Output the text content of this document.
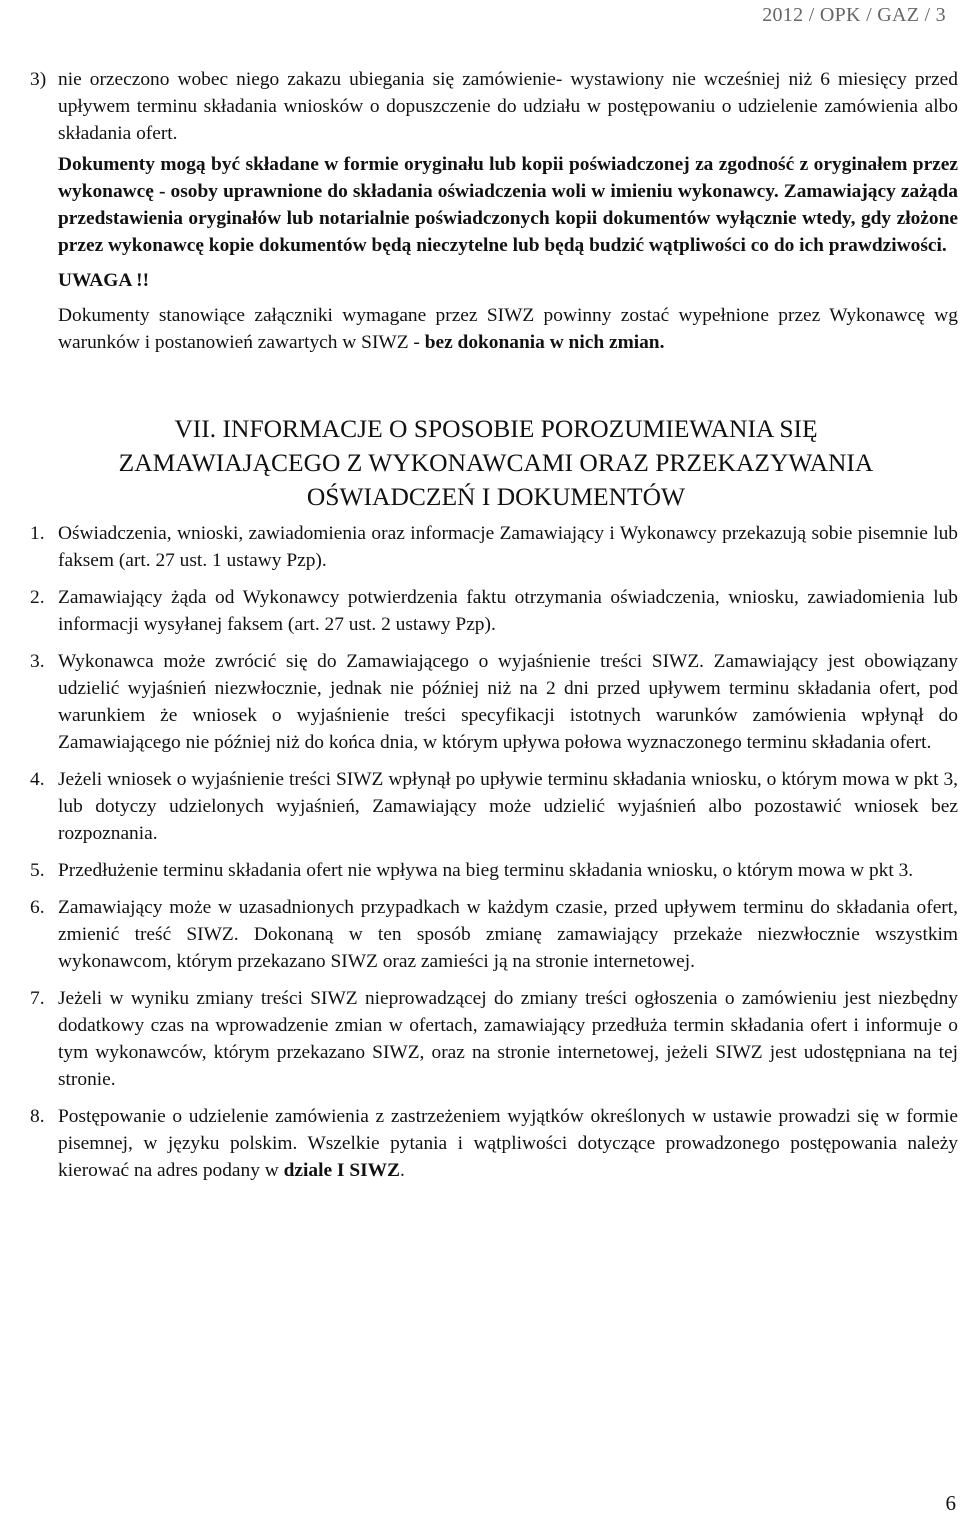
2012 / OPK / GAZ / 3
3) nie orzeczono wobec niego zakazu ubiegania się zamówienie- wystawiony nie wcześniej niż 6 miesięcy przed upływem terminu składania wniosków o dopuszczenie do udziału w postępowaniu o udzielenie zamówienia albo składania ofert.
Dokumenty mogą być składane w formie oryginału lub kopii poświadczonej za zgodność z oryginałem przez wykonawcę - osoby uprawnione do składania oświadczenia woli w imieniu wykonawcy. Zamawiający zażąda przedstawienia oryginałów lub notarialnie poświadczonych kopii dokumentów wyłącznie wtedy, gdy złożone przez wykonawcę kopie dokumentów będą nieczytelne lub będą budzić wątpliwości co do ich prawdziwości.
UWAGA !!
Dokumenty stanowiące załączniki wymagane przez SIWZ powinny zostać wypełnione przez Wykonawcę wg warunków i postanowień zawartych w SIWZ - bez dokonania w nich zmian.
VII. INFORMACJE O SPOSOBIE POROZUMIEWANIA SIĘ
ZAMAWIAJĄCEGO Z WYKONAWCAMI ORAZ PRZEKAZYWANIA
OŚWIADCZEŃ I DOKUMENTÓW
1. Oświadczenia, wnioski, zawiadomienia oraz informacje Zamawiający i Wykonawcy przekazują sobie pisemnie lub faksem (art. 27 ust. 1 ustawy Pzp).
2. Zamawiający żąda od Wykonawcy potwierdzenia faktu otrzymania oświadczenia, wniosku, zawiadomienia lub informacji wysyłanej faksem (art. 27 ust. 2 ustawy Pzp).
3. Wykonawca może zwrócić się do Zamawiającego o wyjaśnienie treści SIWZ. Zamawiający jest obowiązany udzielić wyjaśnień niezwłocznie, jednak nie później niż na 2 dni przed upływem terminu składania ofert, pod warunkiem że wniosek o wyjaśnienie treści specyfikacji istotnych warunków zamówienia wpłynął do Zamawiającego nie później niż do końca dnia, w którym upływa połowa wyznaczonego terminu składania ofert.
4. Jeżeli wniosek o wyjaśnienie treści SIWZ wpłynął po upływie terminu składania wniosku, o którym mowa w pkt 3, lub dotyczy udzielonych wyjaśnień, Zamawiający może udzielić wyjaśnień albo pozostawić wniosek bez rozpoznania.
5. Przedłużenie terminu składania ofert nie wpływa na bieg terminu składania wniosku, o którym mowa w pkt 3.
6. Zamawiający może w uzasadnionych przypadkach w każdym czasie, przed upływem terminu do składania ofert, zmienić treść SIWZ. Dokonaną w ten sposób zmianę zamawiający przekaże niezwłocznie wszystkim wykonawcom, którym przekazano SIWZ oraz zamieści ją na stronie internetowej.
7. Jeżeli w wyniku zmiany treści SIWZ nieprowadzącej do zmiany treści ogłoszenia o zamówieniu jest niezbędny dodatkowy czas na wprowadzenie zmian w ofertach, zamawiający przedłuża termin składania ofert i informuje o tym wykonawców, którym przekazano SIWZ, oraz na stronie internetowej, jeżeli SIWZ jest udostępniana na tej stronie.
8. Postępowanie o udzielenie zamówienia z zastrzeżeniem wyjątków określonych w ustawie prowadzi się w formie pisemnej, w języku polskim. Wszelkie pytania i wątpliwości dotyczące prowadzonego postępowania należy kierować na adres podany w dziale I SIWZ.
6
